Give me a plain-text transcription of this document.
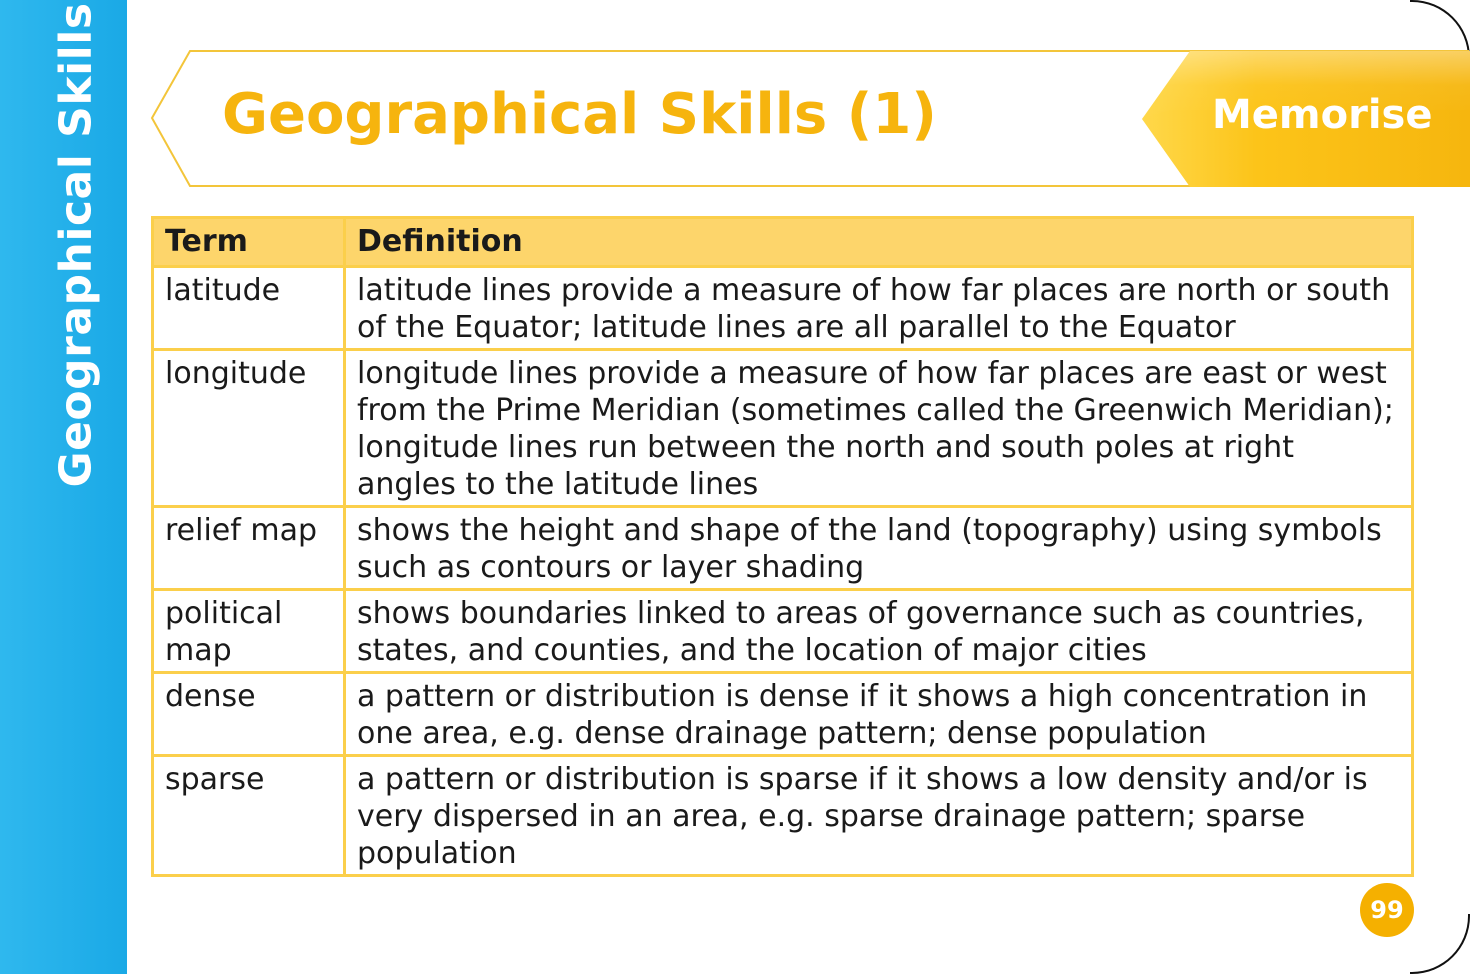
Geographical Skills Geographical Skills (1)	Memorise
Term	Definition
latitude	latitude lines provide a measure of how far places are north or south of the Equator; latitude lines are all parallel to the Equator
longitude	longitude lines provide a measure of how far places are east or west from the Prime Meridian (sometimes called the Greenwich Meridian); longitude lines run between the north and south poles at right angles to the latitude lines
relief map	shows the height and shape of the land (topography) using symbols such as contours or layer shading
political map	shows boundaries linked to areas of governance such as countries, states, and counties, and the location of major cities
dense	a pattern or distribution is dense if it shows a high concentration in one area, e.g. dense drainage pattern; dense population
sparse	a pattern or distribution is sparse if it shows a low density and/or is very dispersed in an area, e.g. sparse drainage pattern; sparse population
99
